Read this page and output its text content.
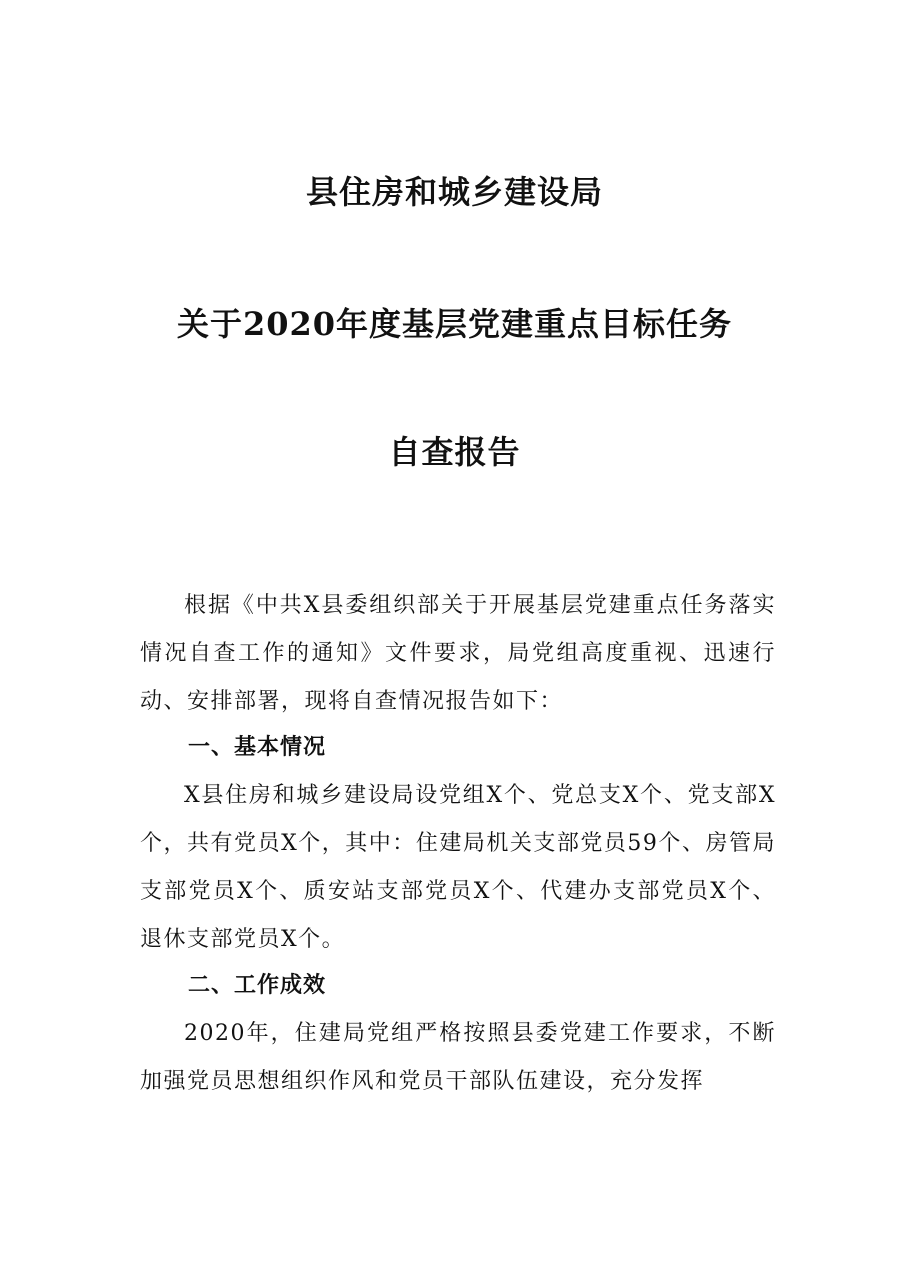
县住房和城乡建设局
关于2020年度基层党建重点目标任务
自查报告

根据《中共X县委组织部关于开展基层党建重点任务落实情况自查工作的通知》文件要求，局党组高度重视、迅速行动、安排部署，现将自查情况报告如下：

一、基本情况

X县住房和城乡建设局设党组X个、党总支X个、党支部X个，共有党员X个，其中：住建局机关支部党员59个、房管局支部党员X个、质安站支部党员X个、代建办支部党员X个、退休支部党员X个。

二、工作成效

2020年，住建局党组严格按照县委党建工作要求，不断加强党员思想组织作风和党员干部队伍建设，充分发挥
